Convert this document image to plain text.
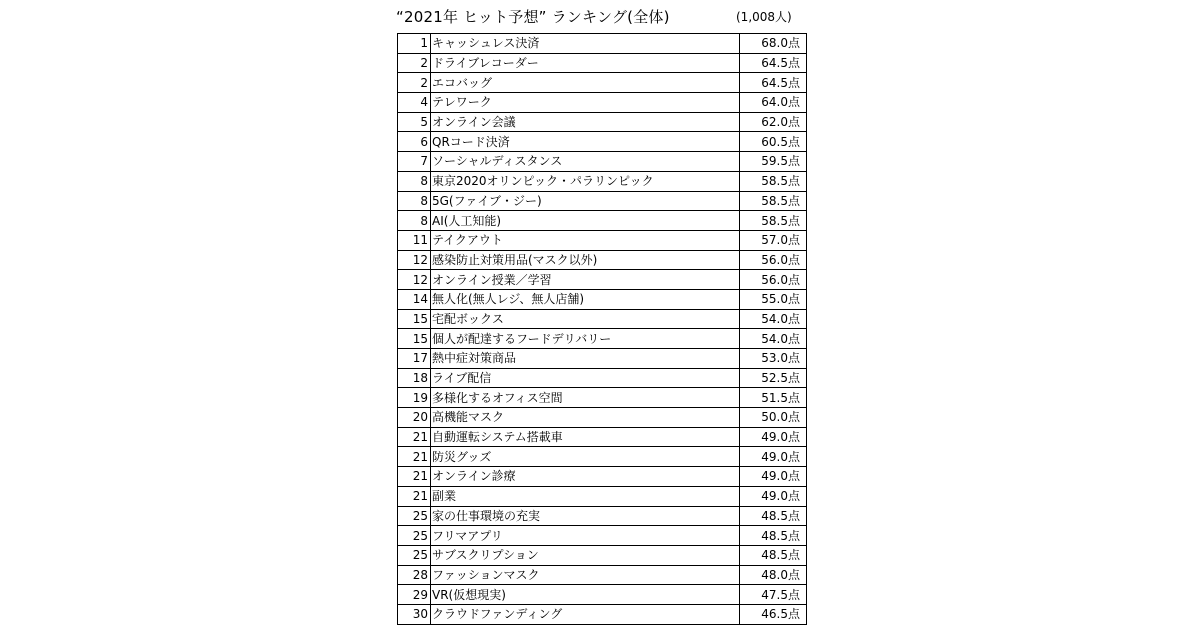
“2021年 ヒット予想” ランキング(全体)	(1,008人)
1	キャッシュレス決済	68.0点
2	ドライブレコーダー	64.5点
2	エコバッグ	64.5点
4	テレワーク	64.0点
5	オンライン会議	62.0点
6	QRコード決済	60.5点
7	ソーシャルディスタンス	59.5点
8	東京2020オリンピック・パラリンピック	58.5点
8	5G(ファイブ・ジー)	58.5点
8	AI(人工知能)	58.5点
11	テイクアウト	57.0点
12	感染防止対策用品(マスク以外)	56.0点
12	オンライン授業／学習	56.0点
14	無人化(無人レジ、無人店舗)	55.0点
15	宅配ボックス	54.0点
15	個人が配達するフードデリバリー	54.0点
17	熱中症対策商品	53.0点
18	ライブ配信	52.5点
19	多様化するオフィス空間	51.5点
20	高機能マスク	50.0点
21	自動運転システム搭載車	49.0点
21	防災グッズ	49.0点
21	オンライン診療	49.0点
21	副業	49.0点
25	家の仕事環境の充実	48.5点
25	フリマアプリ	48.5点
25	サブスクリプション	48.5点
28	ファッションマスク	48.0点
29	VR(仮想現実)	47.5点
30	クラウドファンディング	46.5点
